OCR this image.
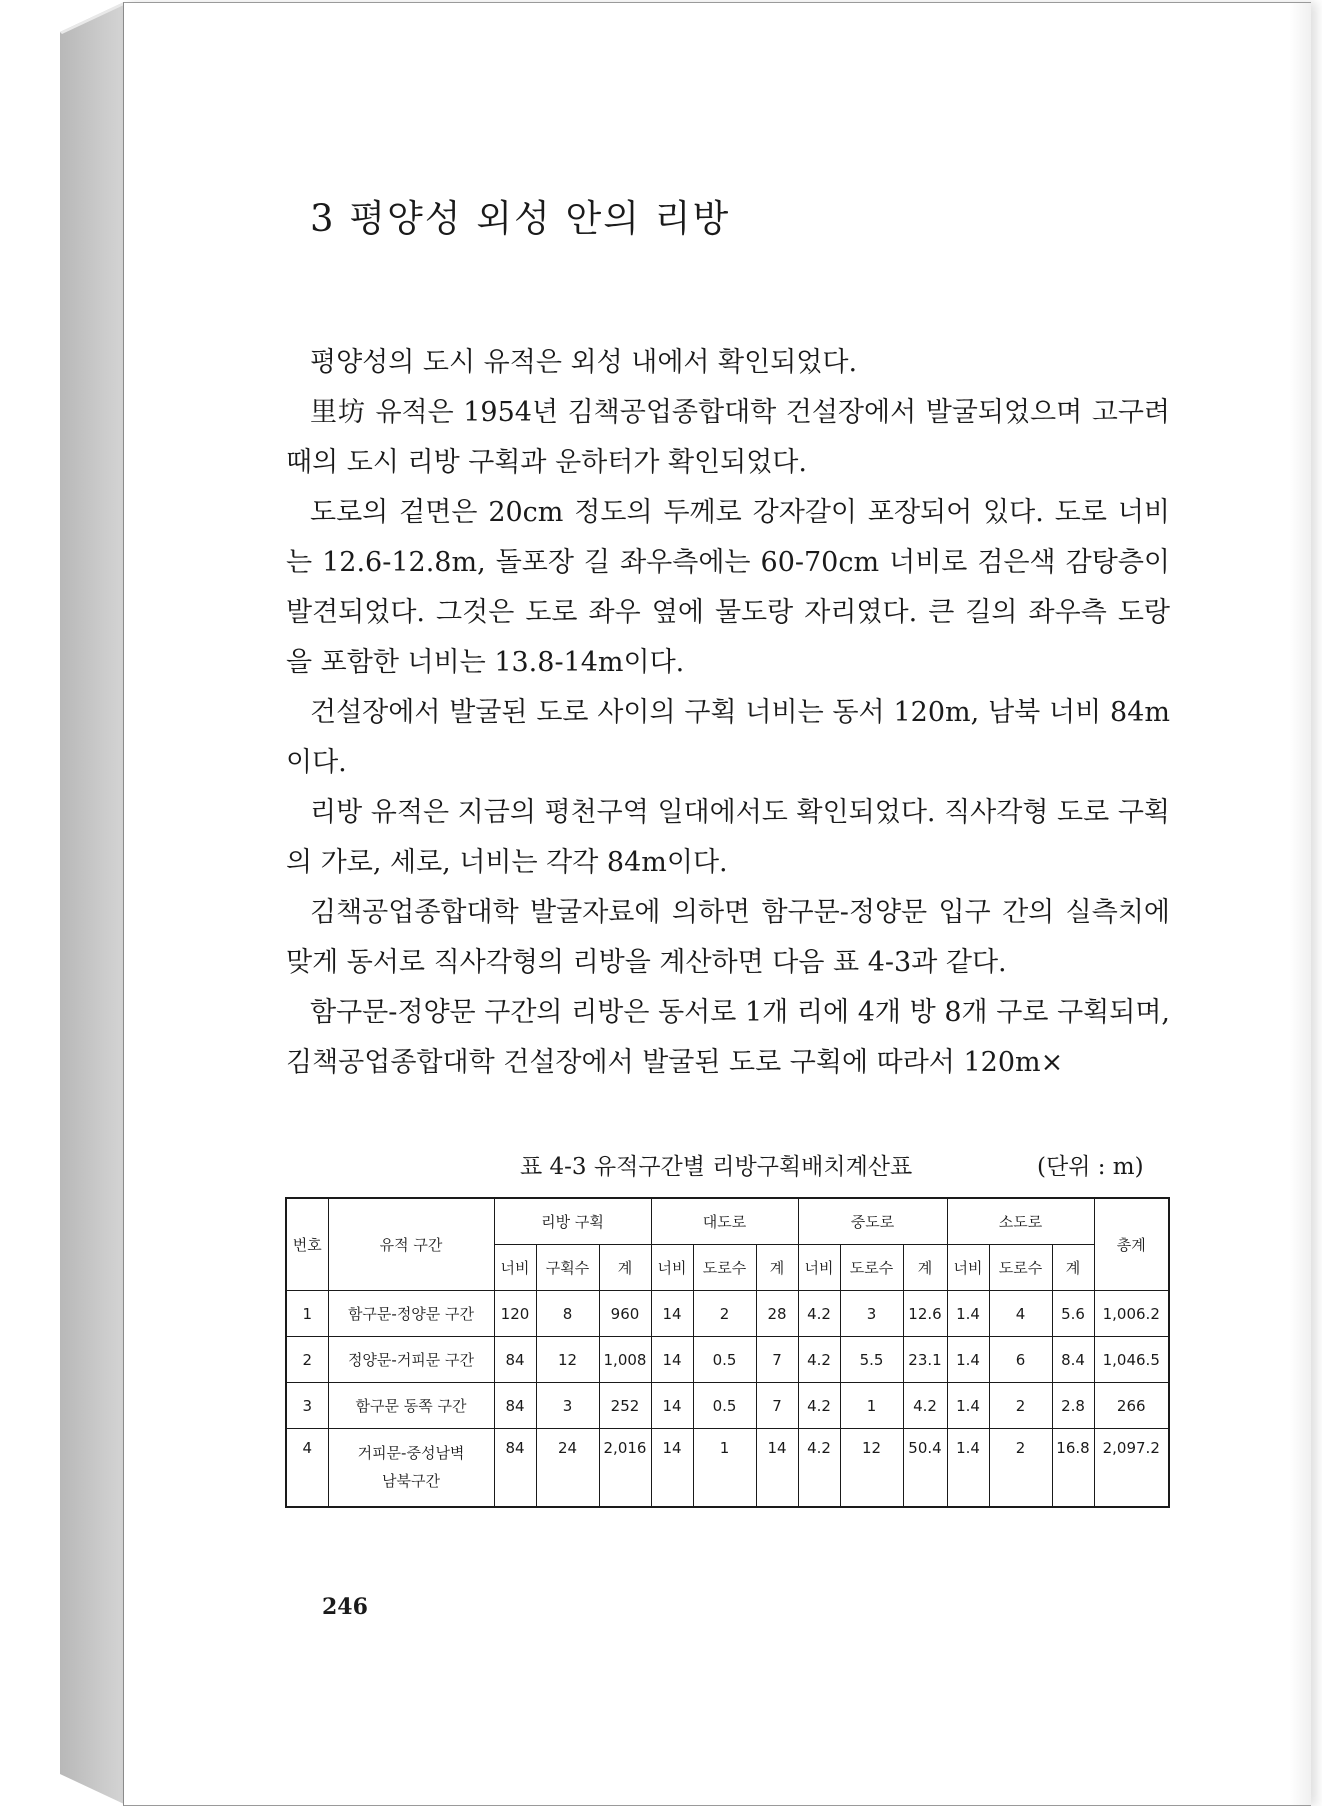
3 평양성 외성 안의 리방

평양성의 도시 유적은 외성 내에서 확인되었다.

里坊 유적은 1954년 김책공업종합대학 건설장에서 발굴되었으며 고구려 때의 도시 리방 구획과 운하터가 확인되었다.

도로의 겉면은 20cm 정도의 두께로 강자갈이 포장되어 있다. 도로 너비는 12.6-12.8m, 돌포장 길 좌우측에는 60-70cm 너비로 검은색 감탕층이 발견되었다. 그것은 도로 좌우 옆에 물도랑 자리였다. 큰 길의 좌우측 도랑을 포함한 너비는 13.8-14m이다.

건설장에서 발굴된 도로 사이의 구획 너비는 동서 120m, 남북 너비 84m이다.

리방 유적은 지금의 평천구역 일대에서도 확인되었다. 직사각형 도로 구획의 가로, 세로, 너비는 각각 84m이다.

김책공업종합대학 발굴자료에 의하면 함구문-정양문 입구 간의 실측치에 맞게 동서로 직사각형의 리방을 계산하면 다음 표 4-3과 같다.

함구문-정양문 구간의 리방은 동서로 1개 리에 4개 방 8개 구로 구획되며, 김책공업종합대학 건설장에서 발굴된 도로 구획에 따라서 120m×

표 4-3 유적구간별 리방구획배치계산표	(단위 : m)
번호	유적 구간	리방 구획			대도로			중도로			소도로			총계
		너비	구획수	계	너비	도로수	계	너비	도로수	계	너비	도로수	계	
1	함구문-정양문 구간	120	8	960	14	2	28	4.2	3	12.6	1.4	4	5.6	1,006.2
2	정양문-거피문 구간	84	12	1,008	14	0.5	7	4.2	5.5	23.1	1.4	6	8.4	1,046.5
3	함구문 동쪽 구간	84	3	252	14	0.5	7	4.2	1	4.2	1.4	2	2.8	266
4	거피문-중성남벽
남북구간	84	24	2,016	14	1	14	4.2	12	50.4	1.4	2	16.8	2,097.2
246
